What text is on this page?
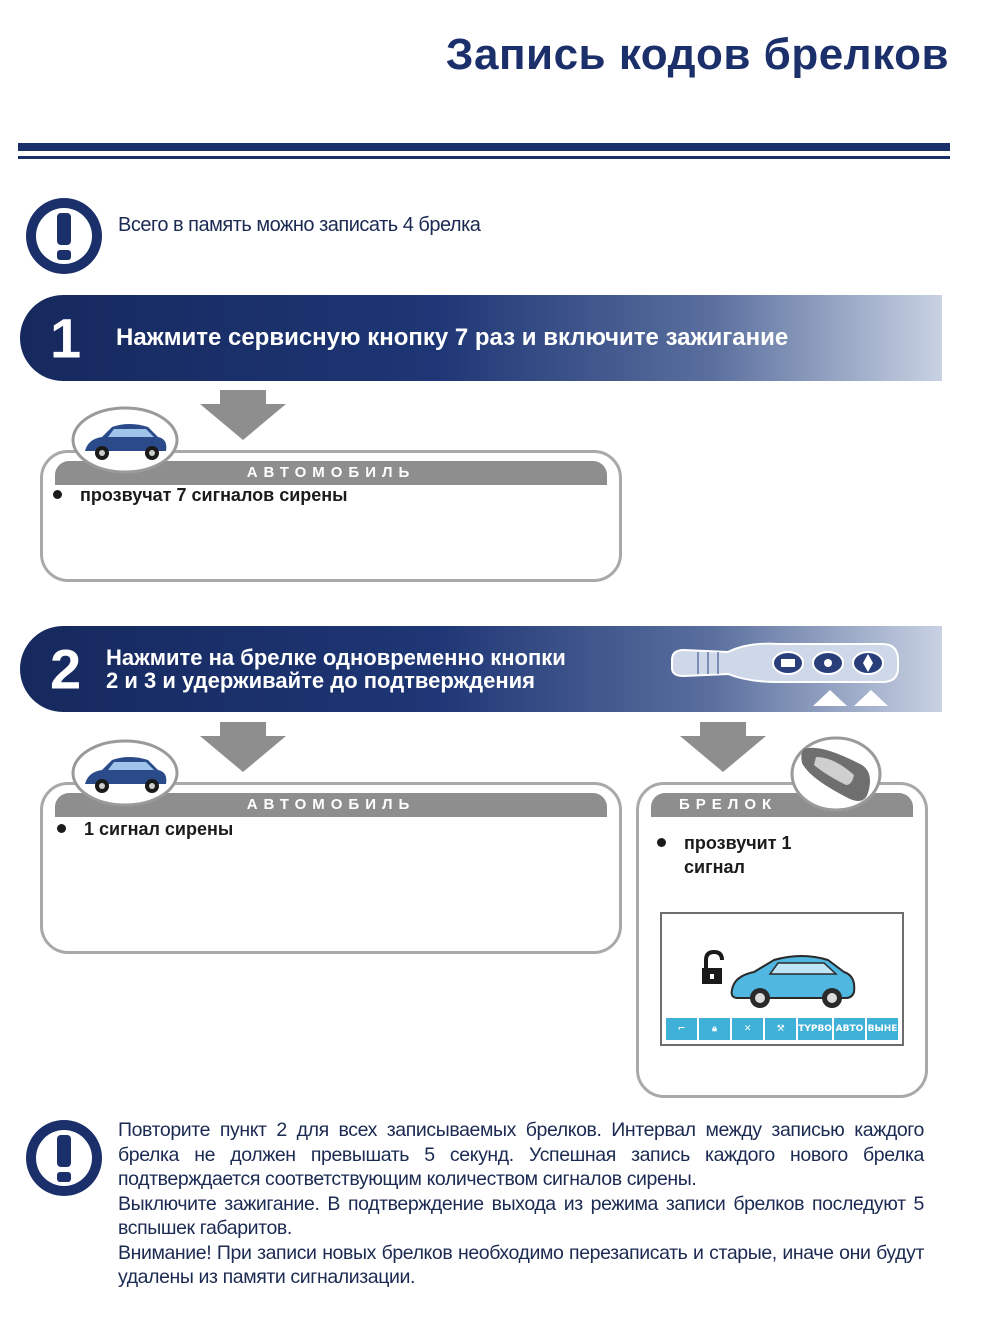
Запись кодов брелков
Всего в память можно записать 4 брелка
1 Нажмите сервисную кнопку 7 раз и включите зажигание
АВТОМОБИЛЬ
прозвучат 7 сигналов сирены
2 Нажмите на брелке одновременно кнопки
2 и 3 и удерживайте до подтверждения
АВТОМОБИЛЬ
1 сигнал сирены
БРЕЛОК
прозвучит 1
сигнал
⌐	🔒︎	✕	⚒	TYPBO ABTO ВЫНЕ

Повторите пункт 2 для всех записываемых брелков. Интервал между записью каждого брелка не должен превышать 5 секунд. Успешная запись каждого нового брелка подтверждается соответствующим количеством сигналов сирены.

Выключите зажигание. В подтверждение выхода из режима записи брелков последуют 5 вспышек габаритов.

Внимание! При записи новых брелков необходимо перезаписать и старые, иначе они будут удалены из памяти сигнализации.
